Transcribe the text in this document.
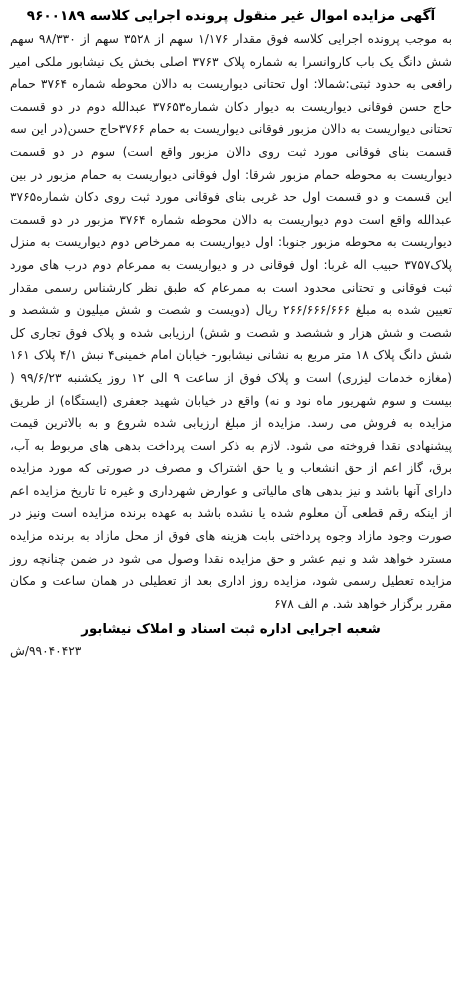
آگهی مزایده اموال غیر منقول پرونده اجرایی کلاسه ۹۶۰۰۱۸۹

به موجب پرونده اجرایی کلاسه فوق مقدار ۱/۱۷۶ سهم از ۳۵۲۸ سهم از ۹۸/۳۳۰ سهم شش دانگ یک باب کاروانسرا به شماره پلاک ۳۷۶۳ اصلی بخش یک نیشابور ملکی امیر رافعی به حدود ثبتی:شمالا: اول تحتانی دیواریست به دالان محوطه شماره ۳۷۶۴ حمام حاج حسن فوقانی دیواریست به دیوار دکان شماره۳۷۶۵۳ عبدالله دوم در دو قسمت تحتانی دیواریست به دالان مزبور فوقانی دیواریست به حمام ۳۷۶۶حاج حسن(در این سه قسمت بنای فوقانی مورد ثبت روی دالان مزبور واقع است) سوم در دو قسمت دیواریست به محوطه حمام مزبور شرقا: اول فوقانی دیواریست به حمام مزبور در بین این قسمت و دو قسمت اول حد غربی بنای فوقانی مورد ثبت روی دکان شماره۳۷۶۵ عبدالله واقع است دوم دیواریست به دالان محوطه شماره ۳۷۶۴ مزبور در دو قسمت دیواریست به محوطه مزبور جنوبا: اول دیواریست به ممرخاص دوم دیواریست به منزل پلاک۳۷۵۷ حبیب اله غربا: اول فوقانی در و دیواریست به ممرعام دوم درب های مورد ثبت فوقانی و تحتانی محدود است به ممرعام که طبق نظر کارشناس رسمی مقدار تعیین شده به مبلغ ۲۶۶/۶۶۶/۶۶۶ ریال (دویست و شصت و شش میلیون و ششصد و شصت و شش هزار و ششصد و شصت و شش) ارزیابی شده و پلاک فوق تجاری کل شش دانگ پلاک ۱۸ متر مربع به نشانی نیشابور- خیابان امام خمینی۴ نبش ۴/۱ پلاک ۱۶۱ (مغازه خدمات لیزری) است و پلاک فوق از ساعت ۹ الی ۱۲ روز یکشنبه ۹۹/۶/۲۳ ( بیست و سوم شهریور ماه نود و نه) واقع در خیابان شهید جعفری (ایستگاه) از طریق مزایده به فروش می رسد. مزایده از مبلغ ارزیابی شده شروع و به بالاترین قیمت پیشنهادی نقدا فروخته می شود. لازم به ذکر است پرداخت بدهی های مربوط به آب، برق، گاز اعم از حق انشعاب و یا حق اشتراک و مصرف در صورتی که مورد مزایده دارای آنها باشد و نیز بدهی های مالیاتی و عوارض شهرداری و غیره تا تاریخ مزایده اعم از اینکه رقم قطعی آن معلوم شده یا نشده باشد به عهده برنده مزایده است ونیز در صورت وجود مازاد وجوه پرداختی بابت هزینه های فوق از محل مازاد به برنده مزایده مسترد خواهد شد و نیم عشر و حق مزایده نقدا وصول می شود در ضمن چنانچه روز مزایده تعطیل رسمی شود، مزایده روز اداری بعد از تعطیلی در همان ساعت و مکان مقرر برگزار خواهد شد. م الف ۶۷۸

شعبه اجرایی اداره ثبت اسناد و املاک نیشابور
۹۹۰۴۰۴۲۳/ش
